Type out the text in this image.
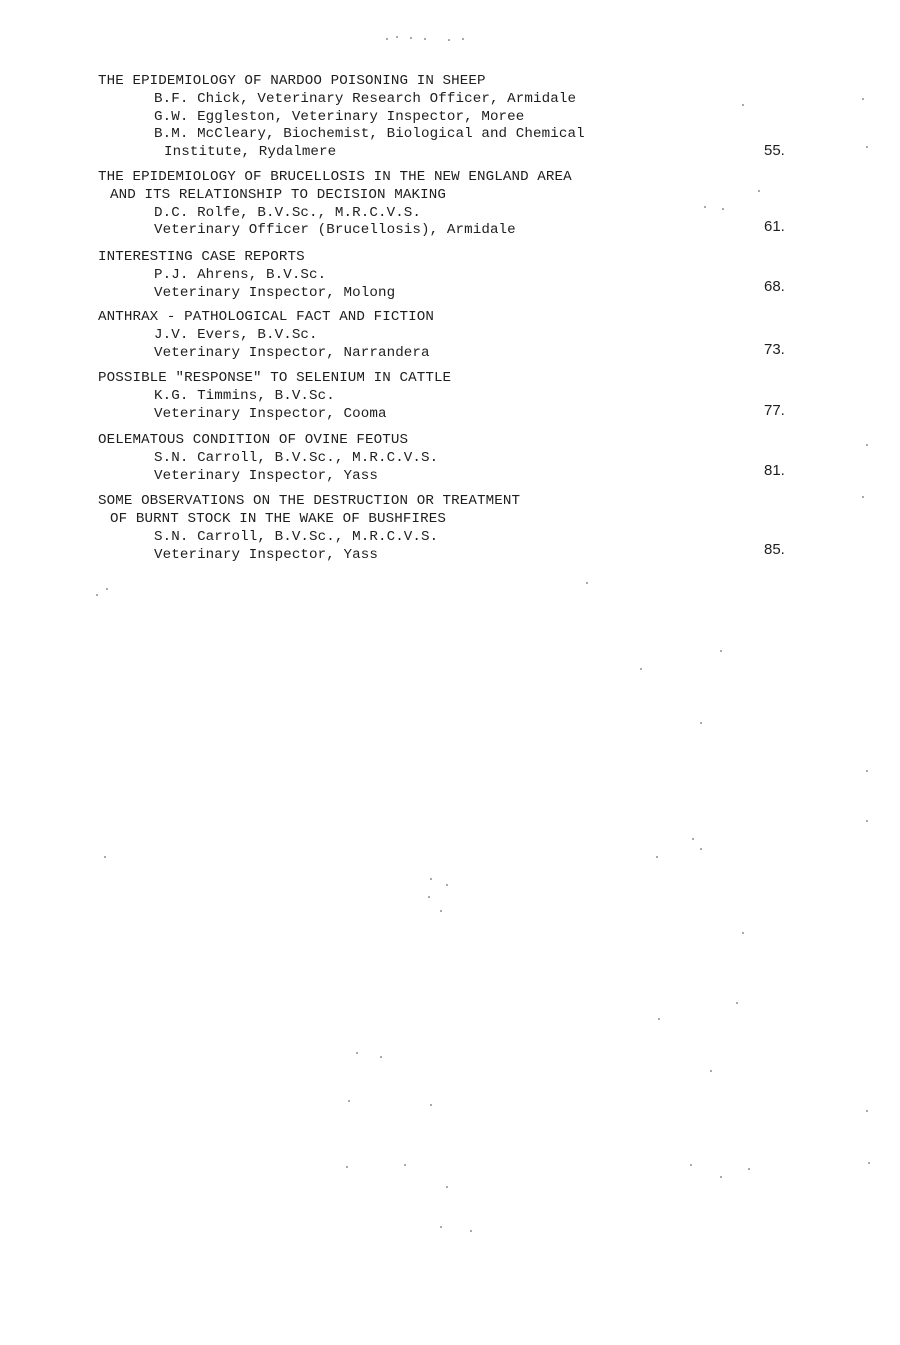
THE EPIDEMIOLOGY OF NARDOO POISONING IN SHEEP
B.F. Chick, Veterinary Research Officer, Armidale
G.W. Eggleston, Veterinary Inspector, Moree
B.M. McCleary, Biochemist, Biological and Chemical
Institute, Rydalmere	55.
THE EPIDEMIOLOGY OF BRUCELLOSIS IN THE NEW ENGLAND AREA
AND ITS RELATIONSHIP TO DECISION MAKING
D.C. Rolfe, B.V.Sc., M.R.C.V.S.
Veterinary Officer (Brucellosis), Armidale	61.
INTERESTING CASE REPORTS
P.J. Ahrens, B.V.Sc.
Veterinary Inspector, Molong	68.
ANTHRAX - PATHOLOGICAL FACT AND FICTION
J.V. Evers, B.V.Sc.
Veterinary Inspector, Narrandera	73.
POSSIBLE "RESPONSE" TO SELENIUM IN CATTLE
K.G. Timmins, B.V.Sc.
Veterinary Inspector, Cooma	77.
OELEMATOUS CONDITION OF OVINE FEOTUS
S.N. Carroll, B.V.Sc., M.R.C.V.S.
Veterinary Inspector, Yass	81.
SOME OBSERVATIONS ON THE DESTRUCTION OR TREATMENT
OF BURNT STOCK IN THE WAKE OF BUSHFIRES
S.N. Carroll, B.V.Sc., M.R.C.V.S.
Veterinary Inspector, Yass	85.
